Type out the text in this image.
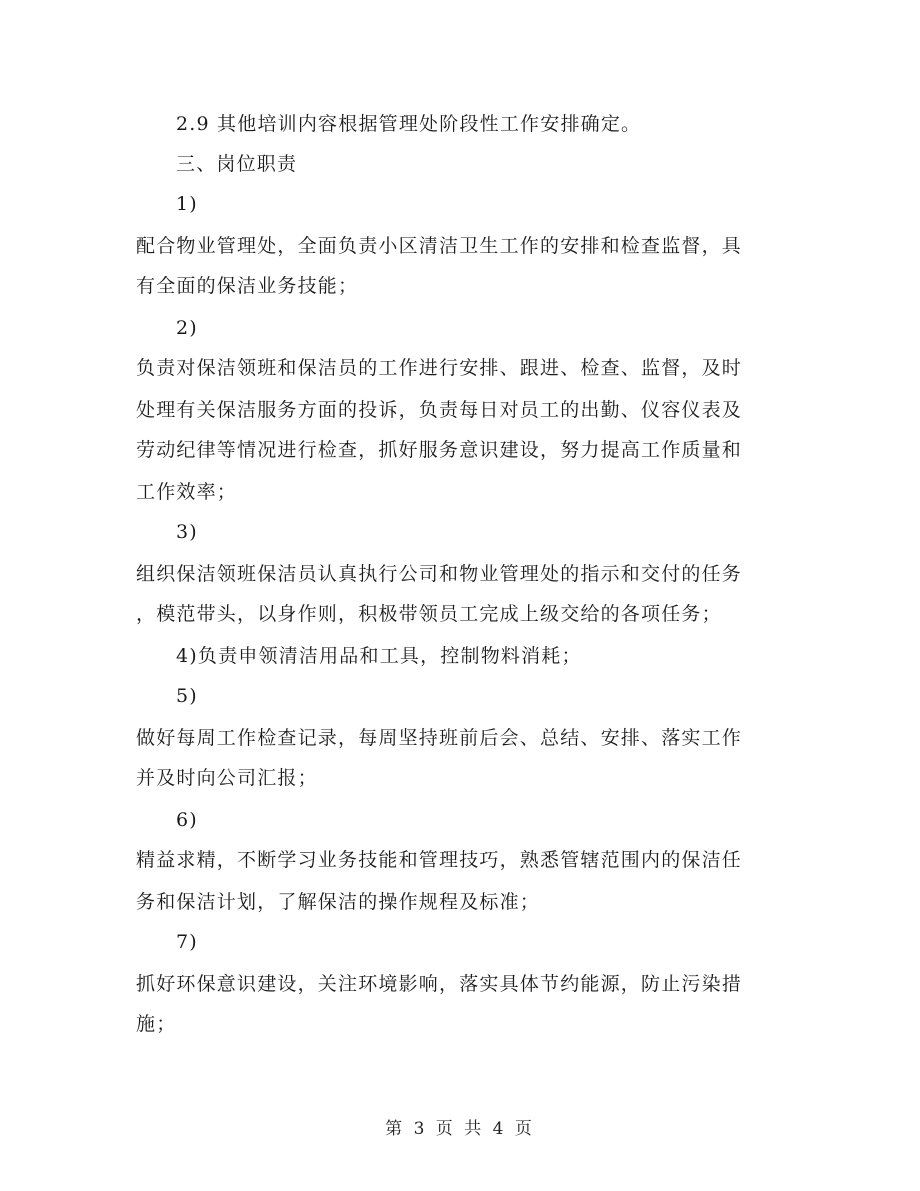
2.9 其他培训内容根据管理处阶段性工作安排确定。
三、岗位职责
1)
配合物业管理处，全面负责小区清洁卫生工作的安排和检查监督，具
有全面的保洁业务技能；
2)
负责对保洁领班和保洁员的工作进行安排、跟进、检查、监督，及时
处理有关保洁服务方面的投诉，负责每日对员工的出勤、仪容仪表及
劳动纪律等情况进行检查，抓好服务意识建设，努力提高工作质量和
工作效率；
3)
组织保洁领班保洁员认真执行公司和物业管理处的指示和交付的任务
，模范带头，以身作则，积极带领员工完成上级交给的各项任务；
4)负责申领清洁用品和工具，控制物料消耗；
5)
做好每周工作检查记录，每周坚持班前后会、总结、安排、落实工作
并及时向公司汇报；
6)
精益求精，不断学习业务技能和管理技巧，熟悉管辖范围内的保洁任
务和保洁计划，了解保洁的操作规程及标准；
7)
抓好环保意识建设，关注环境影响，落实具体节约能源，防止污染措
施；
第 3 页 共 4 页
